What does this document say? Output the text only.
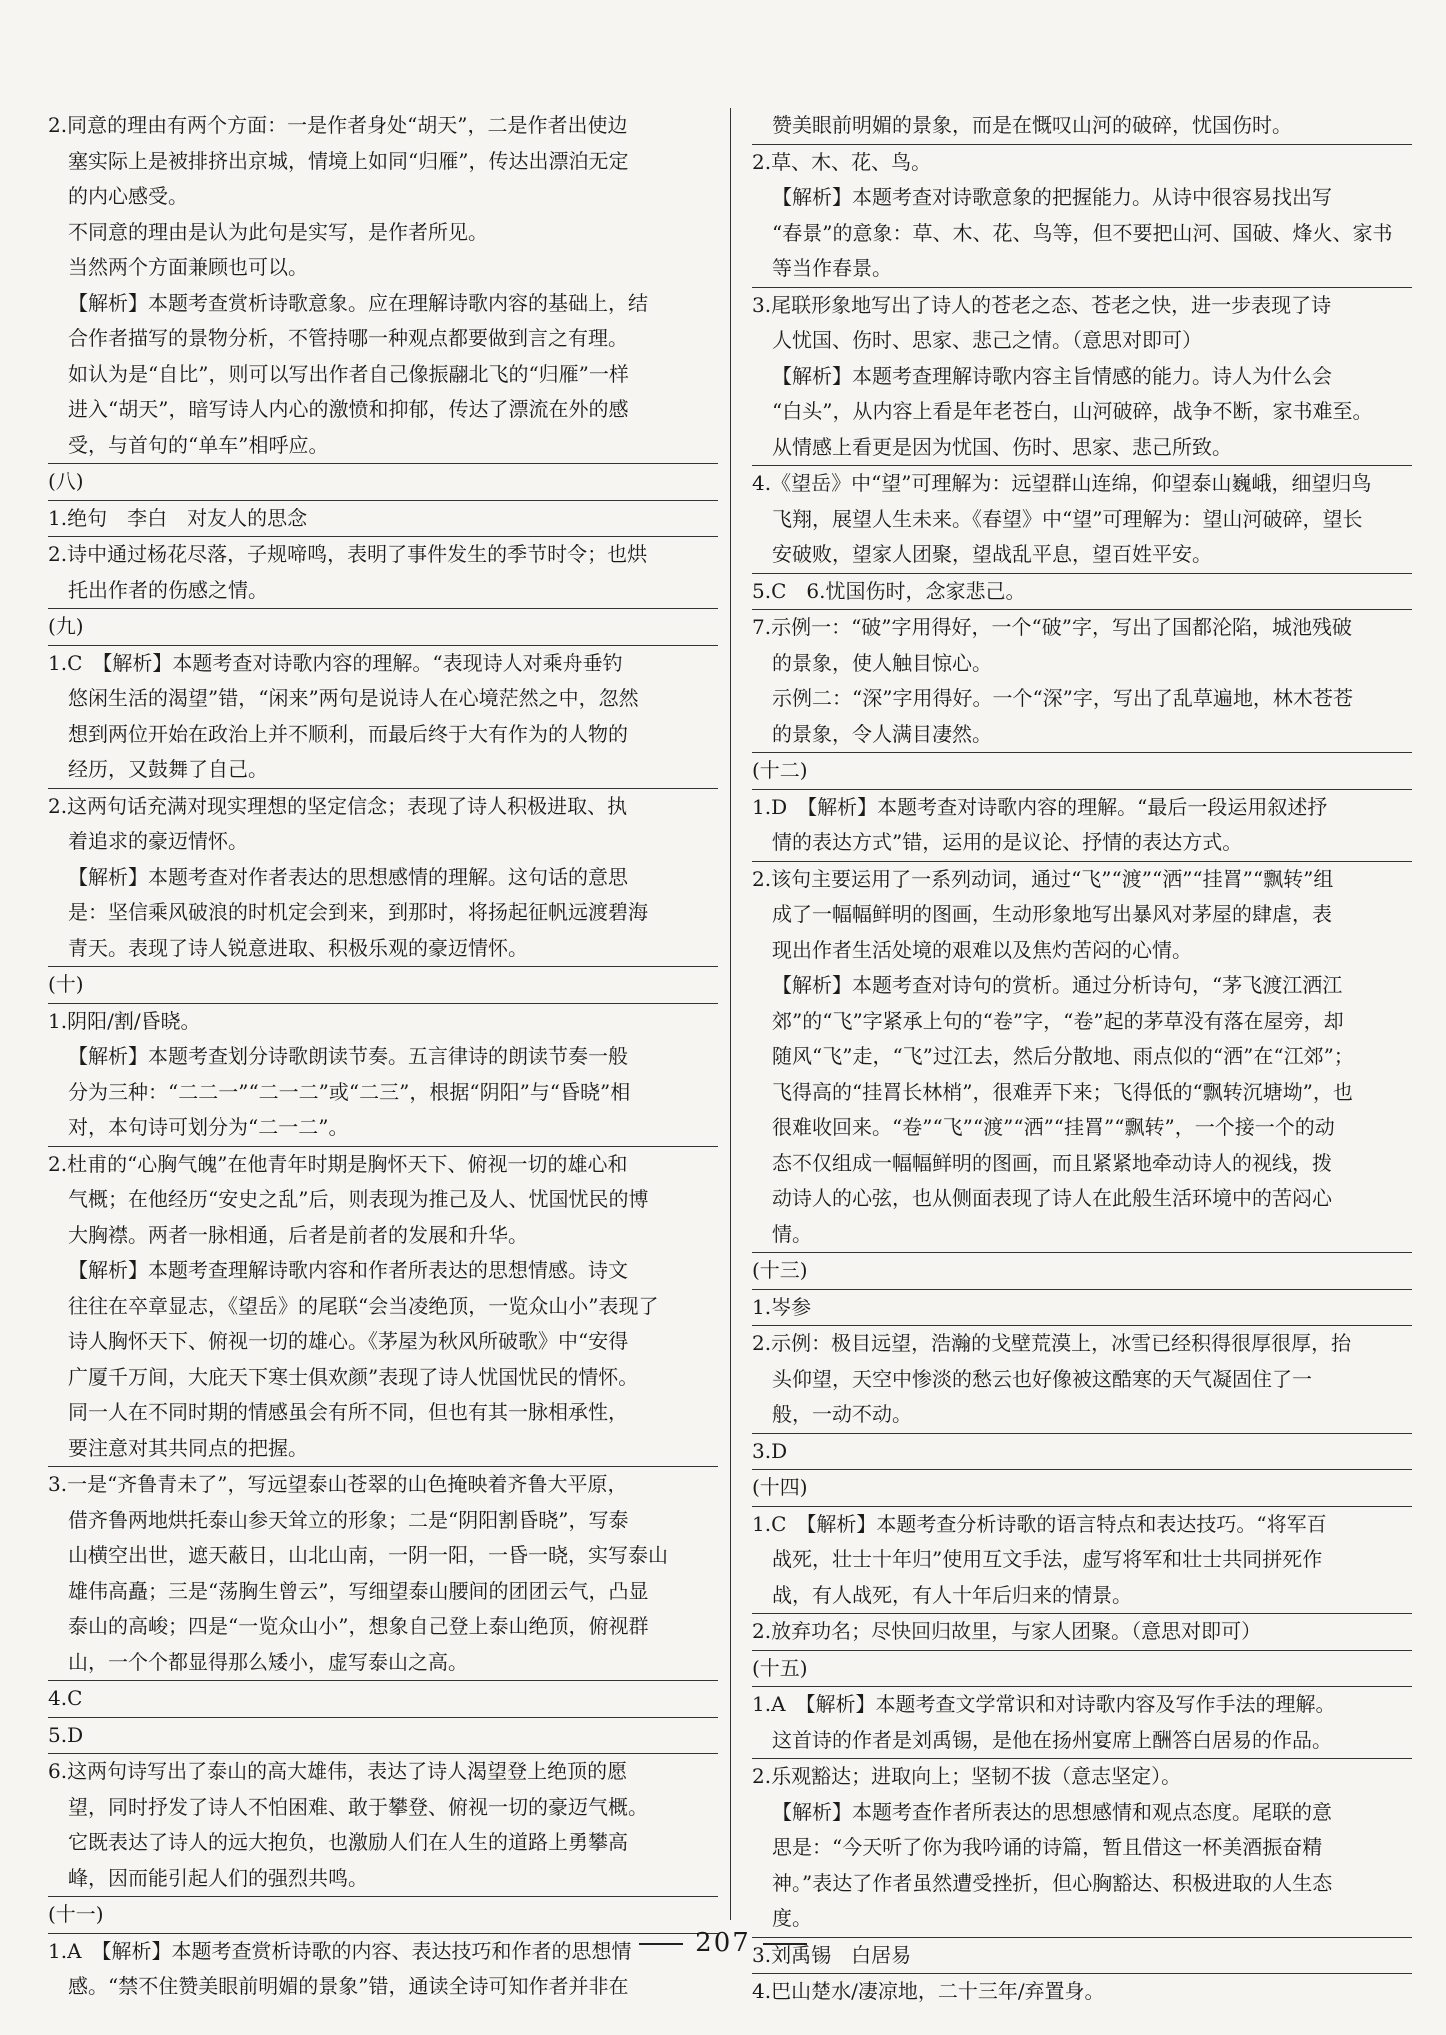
2.同意的理由有两个方面：一是作者身处“胡天”，二是作者出使边

塞实际上是被排挤出京城，情境上如同“归雁”，传达出漂泊无定

的内心感受。

不同意的理由是认为此句是实写，是作者所见。

当然两个方面兼顾也可以。

【解析】本题考查赏析诗歌意象。应在理解诗歌内容的基础上，结

合作者描写的景物分析，不管持哪一种观点都要做到言之有理。

如认为是“自比”，则可以写出作者自己像振翮北飞的“归雁”一样

进入“胡天”，暗写诗人内心的激愤和抑郁，传达了漂流在外的感

受，与首句的“单车”相呼应。

(八)

1.绝句　李白　对友人的思念

2.诗中通过杨花尽落，子规啼鸣，表明了事件发生的季节时令；也烘

托出作者的伤感之情。

(九)

1.C　【解析】本题考查对诗歌内容的理解。“表现诗人对乘舟垂钓

悠闲生活的渴望”错，“闲来”两句是说诗人在心境茫然之中，忽然

想到两位开始在政治上并不顺利，而最后终于大有作为的人物的

经历，又鼓舞了自己。

2.这两句话充满对现实理想的坚定信念；表现了诗人积极进取、执

着追求的豪迈情怀。

【解析】本题考查对作者表达的思想感情的理解。这句话的意思

是：坚信乘风破浪的时机定会到来，到那时，将扬起征帆远渡碧海

青天。表现了诗人锐意进取、积极乐观的豪迈情怀。

(十)

1.阴阳/割/昏晓。

【解析】本题考查划分诗歌朗读节奏。五言律诗的朗读节奏一般

分为三种：“二二一”“二一二”或“二三”，根据“阴阳”与“昏晓”相

对，本句诗可划分为“二一二”。

2.杜甫的“心胸气魄”在他青年时期是胸怀天下、俯视一切的雄心和

气概；在他经历“安史之乱”后，则表现为推己及人、忧国忧民的博

大胸襟。两者一脉相通，后者是前者的发展和升华。

【解析】本题考查理解诗歌内容和作者所表达的思想情感。诗文

往往在卒章显志，《望岳》的尾联“会当凌绝顶，一览众山小”表现了

诗人胸怀天下、俯视一切的雄心。《茅屋为秋风所破歌》中“安得

广厦千万间，大庇天下寒士俱欢颜”表现了诗人忧国忧民的情怀。

同一人在不同时期的情感虽会有所不同，但也有其一脉相承性，

要注意对其共同点的把握。

3.一是“齐鲁青未了”，写远望泰山苍翠的山色掩映着齐鲁大平原，

借齐鲁两地烘托泰山参天耸立的形象；二是“阴阳割昏晓”，写泰

山横空出世，遮天蔽日，山北山南，一阴一阳，一昏一晓，实写泰山

雄伟高矗；三是“荡胸生曾云”，写细望泰山腰间的团团云气，凸显

泰山的高峻；四是“一览众山小”，想象自己登上泰山绝顶，俯视群

山，一个个都显得那么矮小，虚写泰山之高。

4.C

5.D

6.这两句诗写出了泰山的高大雄伟，表达了诗人渴望登上绝顶的愿

望，同时抒发了诗人不怕困难、敢于攀登、俯视一切的豪迈气概。

它既表达了诗人的远大抱负，也激励人们在人生的道路上勇攀高

峰，因而能引起人们的强烈共鸣。

(十一)

1.A　【解析】本题考查赏析诗歌的内容、表达技巧和作者的思想情

感。“禁不住赞美眼前明媚的景象”错，通读全诗可知作者并非在

赞美眼前明媚的景象，而是在慨叹山河的破碎，忧国伤时。

2.草、木、花、鸟。

【解析】本题考查对诗歌意象的把握能力。从诗中很容易找出写

“春景”的意象：草、木、花、鸟等，但不要把山河、国破、烽火、家书

等当作春景。

3.尾联形象地写出了诗人的苍老之态、苍老之快，进一步表现了诗

人忧国、伤时、思家、悲己之情。（意思对即可）

【解析】本题考查理解诗歌内容主旨情感的能力。诗人为什么会

“白头”，从内容上看是年老苍白，山河破碎，战争不断，家书难至。

从情感上看更是因为忧国、伤时、思家、悲己所致。

4.《望岳》中“望”可理解为：远望群山连绵，仰望泰山巍峨，细望归鸟

飞翔，展望人生未来。《春望》中“望”可理解为：望山河破碎，望长

安破败，望家人团聚，望战乱平息，望百姓平安。

5.C　6.忧国伤时，念家悲己。

7.示例一：“破”字用得好，一个“破”字，写出了国都沦陷，城池残破

的景象，使人触目惊心。

示例二：“深”字用得好。一个“深”字，写出了乱草遍地，林木苍苍

的景象，令人满目凄然。

(十二)

1.D　【解析】本题考查对诗歌内容的理解。“最后一段运用叙述抒

情的表达方式”错，运用的是议论、抒情的表达方式。

2.该句主要运用了一系列动词，通过“飞”“渡”“洒”“挂罥”“飘转”组

成了一幅幅鲜明的图画，生动形象地写出暴风对茅屋的肆虐，表

现出作者生活处境的艰难以及焦灼苦闷的心情。

【解析】本题考查对诗句的赏析。通过分析诗句，“茅飞渡江洒江

郊”的“飞”字紧承上句的“卷”字，“卷”起的茅草没有落在屋旁，却

随风“飞”走，“飞”过江去，然后分散地、雨点似的“洒”在“江郊”；

飞得高的“挂罥长林梢”，很难弄下来；飞得低的“飘转沉塘坳”，也

很难收回来。“卷”“飞”“渡”“洒”“挂罥”“飘转”，一个接一个的动

态不仅组成一幅幅鲜明的图画，而且紧紧地牵动诗人的视线，拨

动诗人的心弦，也从侧面表现了诗人在此般生活环境中的苦闷心

情。

(十三)

1.岑参

2.示例：极目远望，浩瀚的戈壁荒漠上，冰雪已经积得很厚很厚，抬

头仰望，天空中惨淡的愁云也好像被这酷寒的天气凝固住了一

般，一动不动。

3.D

(十四)

1.C　【解析】本题考查分析诗歌的语言特点和表达技巧。“将军百

战死，壮士十年归”使用互文手法，虚写将军和壮士共同拼死作

战，有人战死，有人十年后归来的情景。

2.放弃功名；尽快回归故里，与家人团聚。（意思对即可）

(十五)

1.A　【解析】本题考查文学常识和对诗歌内容及写作手法的理解。

这首诗的作者是刘禹锡，是他在扬州宴席上酬答白居易的作品。

2.乐观豁达；进取向上；坚韧不拔（意志坚定）。

【解析】本题考查作者所表达的思想感情和观点态度。尾联的意

思是：“今天听了你为我吟诵的诗篇，暂且借这一杯美酒振奋精

神。”表达了作者虽然遭受挫折，但心胸豁达、积极进取的人生态

度。

3.刘禹锡　白居易

4.巴山楚水/凄凉地，二十三年/弃置身。

207
